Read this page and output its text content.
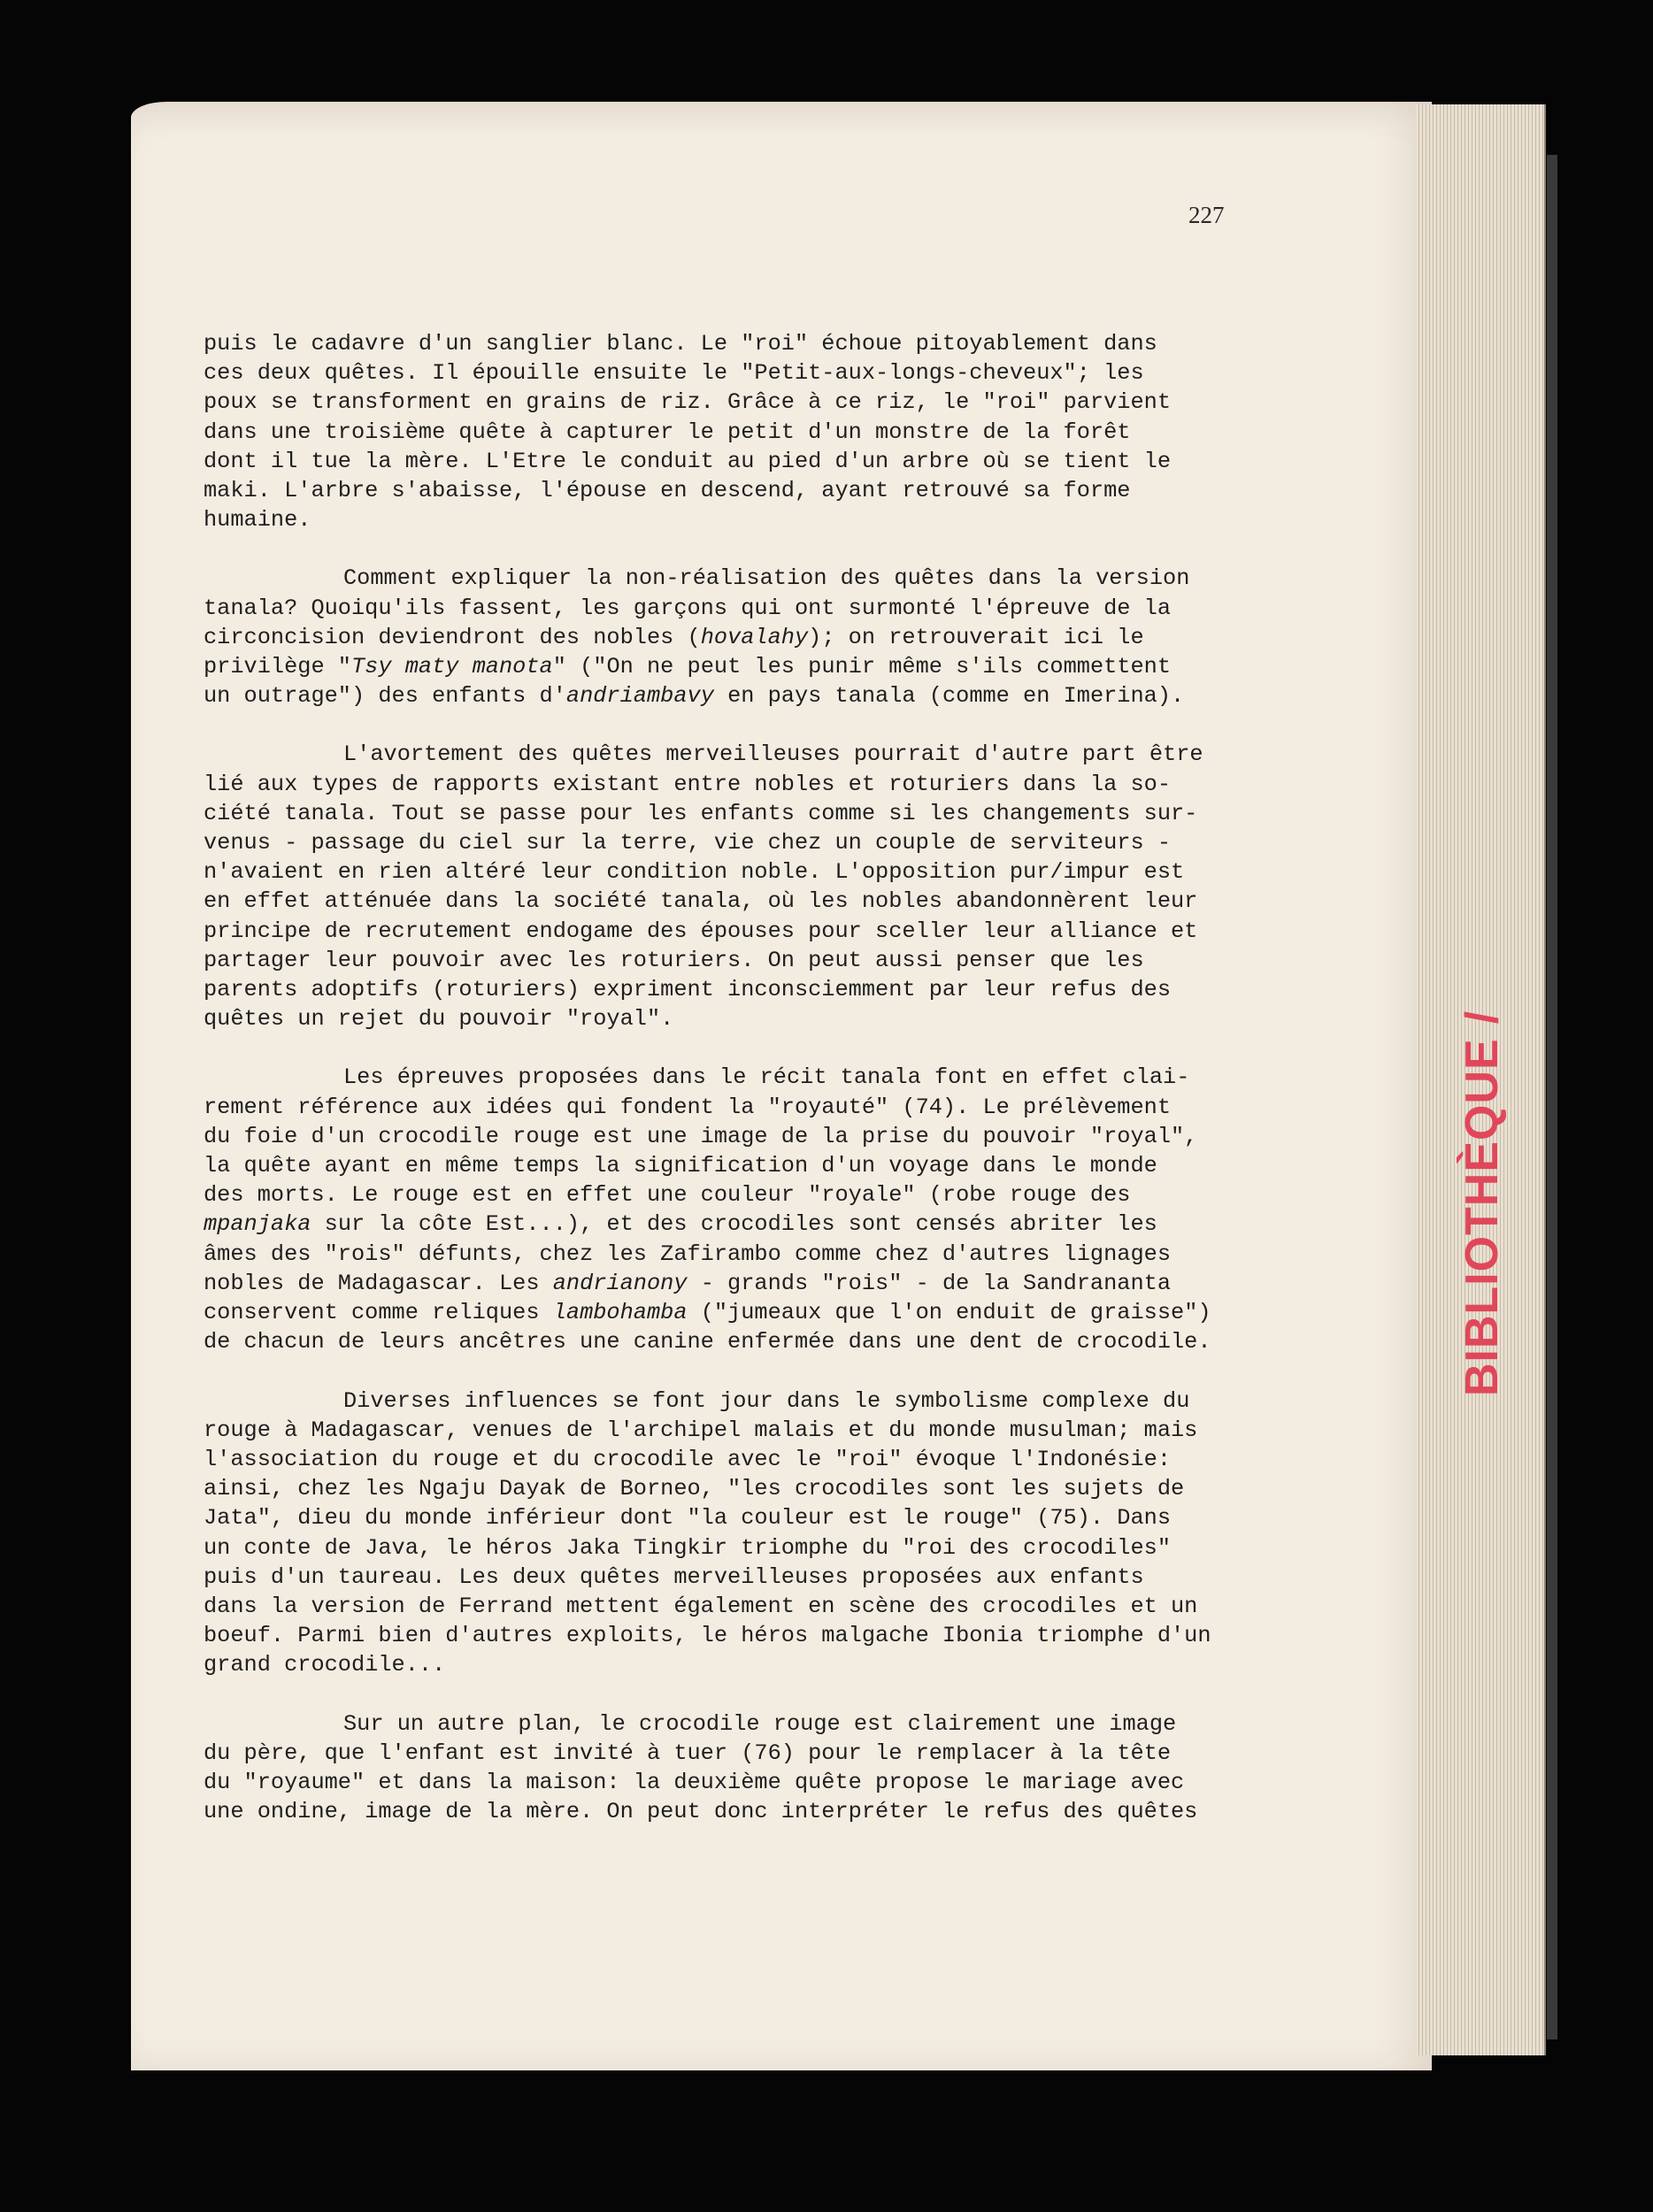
227
puis le cadavre d'un sanglier blanc. Le "roi" échoue pitoyablement dans
ces deux quêtes. Il épouille ensuite le "Petit-aux-longs-cheveux"; les
poux se transforment en grains de riz. Grâce à ce riz, le "roi" parvient
dans une troisième quête à capturer le petit d'un monstre de la forêt
dont il tue la mère. L'Etre le conduit au pied d'un arbre où se tient le
maki. L'arbre s'abaisse, l'épouse en descend, ayant retrouvé sa forme
humaine.
Comment expliquer la non-réalisation des quêtes dans la version
tanala? Quoiqu'ils fassent, les garçons qui ont surmonté l'épreuve de la
circoncision deviendront des nobles (hovalahy); on retrouverait ici le
privilège "Tsy maty manota" ("On ne peut les punir même s'ils commettent
un outrage") des enfants d'andriambavy en pays tanala (comme en Imerina).
L'avortement des quêtes merveilleuses pourrait d'autre part être
lié aux types de rapports existant entre nobles et roturiers dans la so-
ciété tanala. Tout se passe pour les enfants comme si les changements sur-
venus - passage du ciel sur la terre, vie chez un couple de serviteurs -
n'avaient en rien altéré leur condition noble. L'opposition pur/impur est
en effet atténuée dans la société tanala, où les nobles abandonnèrent leur
principe de recrutement endogame des épouses pour sceller leur alliance et
partager leur pouvoir avec les roturiers. On peut aussi penser que les
parents adoptifs (roturiers) expriment inconsciemment par leur refus des
quêtes un rejet du pouvoir "royal".
Les épreuves proposées dans le récit tanala font en effet clai-
rement référence aux idées qui fondent la "royauté" (74). Le prélèvement
du foie d'un crocodile rouge est une image de la prise du pouvoir "royal",
la quête ayant en même temps la signification d'un voyage dans le monde
des morts. Le rouge est en effet une couleur "royale" (robe rouge des
mpanjaka sur la côte Est...), et des crocodiles sont censés abriter les
âmes des "rois" défunts, chez les Zafirambo comme chez d'autres lignages
nobles de Madagascar. Les andrianony - grands "rois" - de la Sandrananta
conservent comme reliques lambohamba ("jumeaux que l'on enduit de graisse")
de chacun de leurs ancêtres une canine enfermée dans une dent de crocodile.
Diverses influences se font jour dans le symbolisme complexe du
rouge à Madagascar, venues de l'archipel malais et du monde musulman; mais
l'association du rouge et du crocodile avec le "roi" évoque l'Indonésie:
ainsi, chez les Ngaju Dayak de Borneo, "les crocodiles sont les sujets de
Jata", dieu du monde inférieur dont "la couleur est le rouge" (75). Dans
un conte de Java, le héros Jaka Tingkir triomphe du "roi des crocodiles"
puis d'un taureau. Les deux quêtes merveilleuses proposées aux enfants
dans la version de Ferrand mettent également en scène des crocodiles et un
boeuf. Parmi bien d'autres exploits, le héros malgache Ibonia triomphe d'un
grand crocodile...
Sur un autre plan, le crocodile rouge est clairement une image
du père, que l'enfant est invité à tuer (76) pour le remplacer à la tête
du "royaume" et dans la maison: la deuxième quête propose le mariage avec
une ondine, image de la mère. On peut donc interpréter le refus des quêtes
BIBLIOTHÈQUE/
